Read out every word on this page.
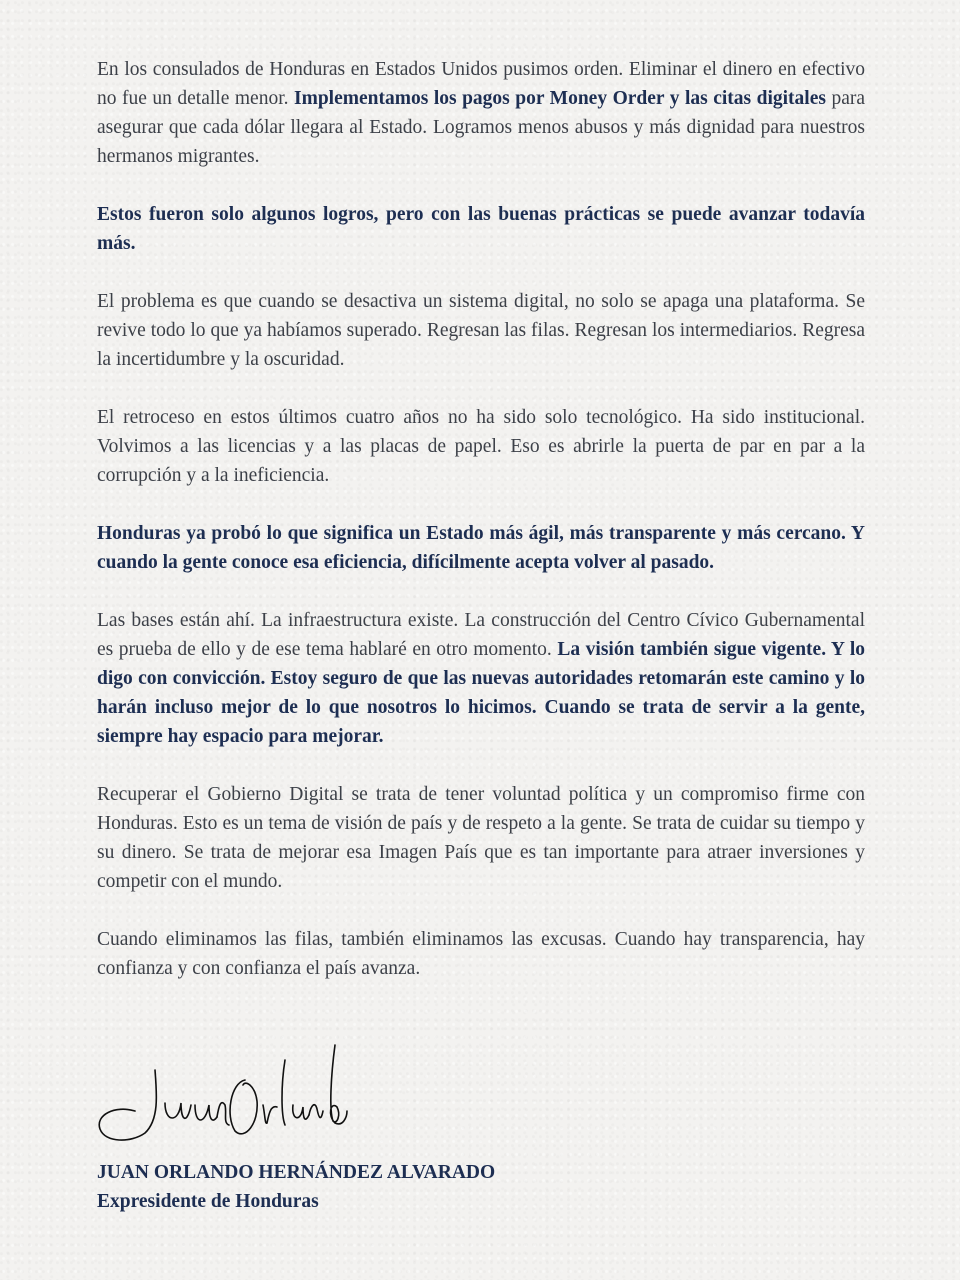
En los consulados de Honduras en Estados Unidos pusimos orden. Eliminar el dinero en efectivo no fue un detalle menor. Implementamos los pagos por Money Order y las citas digitales para asegurar que cada dólar llegara al Estado. Logramos menos abusos y más dignidad para nuestros hermanos migrantes.

Estos fueron solo algunos logros, pero con las buenas prácticas se puede avanzar todavía más.

El problema es que cuando se desactiva un sistema digital, no solo se apaga una plataforma. Se revive todo lo que ya habíamos superado. Regresan las filas. Regresan los intermediarios. Regresa la incertidumbre y la oscuridad.

El retroceso en estos últimos cuatro años no ha sido solo tecnológico. Ha sido institucional. Volvimos a las licencias y a las placas de papel. Eso es abrirle la puerta de par en par a la corrupción y a la ineficiencia.

Honduras ya probó lo que significa un Estado más ágil, más transparente y más cercano. Y cuando la gente conoce esa eficiencia, difícilmente acepta volver al pasado.

Las bases están ahí. La infraestructura existe. La construcción del Centro Cívico Gubernamental es prueba de ello y de ese tema hablaré en otro momento. La visión también sigue vigente. Y lo digo con convicción. Estoy seguro de que las nuevas autoridades retomarán este camino y lo harán incluso mejor de lo que nosotros lo hicimos. Cuando se trata de servir a la gente, siempre hay espacio para mejorar.

Recuperar el Gobierno Digital se trata de tener voluntad política y un compromiso firme con Honduras. Esto es un tema de visión de país y de respeto a la gente. Se trata de cuidar su tiempo y su dinero. Se trata de mejorar esa Imagen País que es tan importante para atraer inversiones y competir con el mundo.

Cuando eliminamos las filas, también eliminamos las excusas. Cuando hay transparencia, hay confianza y con confianza el país avanza.

JUAN ORLANDO HERNÁNDEZ ALVARADO
Expresidente de Honduras
